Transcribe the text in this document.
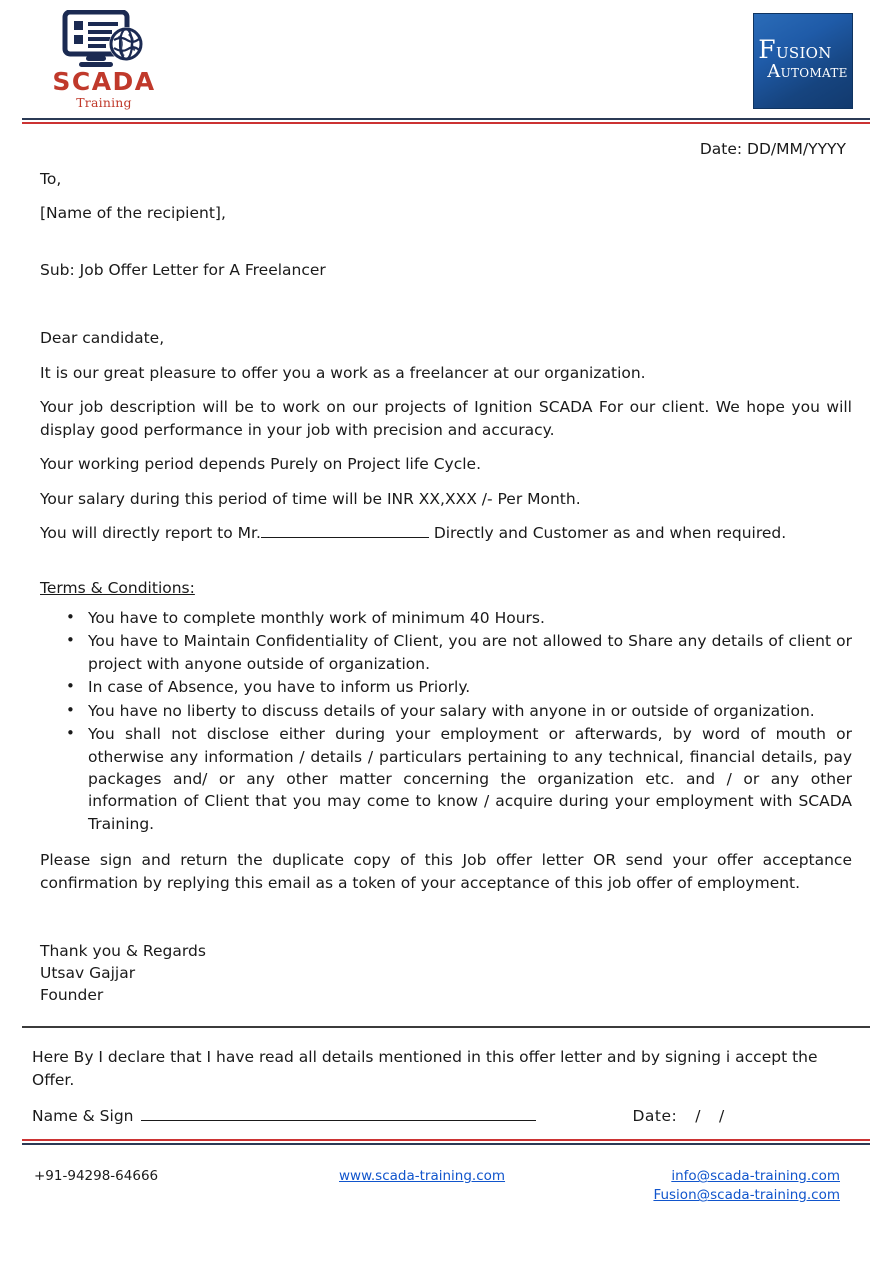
SCADA
Training
FUSION
AUTOMATE
Date: DD/MM/YYYY

To,

[Name of the recipient],

Sub: Job Offer Letter for A Freelancer

Dear candidate,

It is our great pleasure to offer you a work as a freelancer at our organization.

Your job description will be to work on our projects of Ignition SCADA For our client. We hope you will display good performance in your job with precision and accuracy.

Your working period depends Purely on Project life Cycle.

Your salary during this period of time will be INR XX,XXX /- Per Month.

You will directly report to Mr.	Directly and Customer as and when required.

Terms & Conditions:

• You have to complete monthly work of minimum 40 Hours.
• You have to Maintain Confidentiality of Client, you are not allowed to Share any details of client or project with anyone outside of organization.
• In case of Absence, you have to inform us Priorly.
• You have no liberty to discuss details of your salary with anyone in or outside of organization.
• You shall not disclose either during your employment or afterwards, by word of mouth or otherwise any information / details / particulars pertaining to any technical, financial details, pay packages and/ or any other matter concerning the organization etc. and / or any other information of Client that you may come to know / acquire during your employment with SCADA Training.

Please sign and return the duplicate copy of this Job offer letter OR send your offer acceptance confirmation by replying this email as a token of your acceptance of this job offer of employment.

Thank you & Regards
Utsav Gajjar
Founder

Here By I declare that I have read all details mentioned in this offer letter and by signing i accept the Offer.

Name & Sign	Date: / /
+91-94298-64666	www.scada-training.com	info@scada-training.com
Fusion@scada-training.com
